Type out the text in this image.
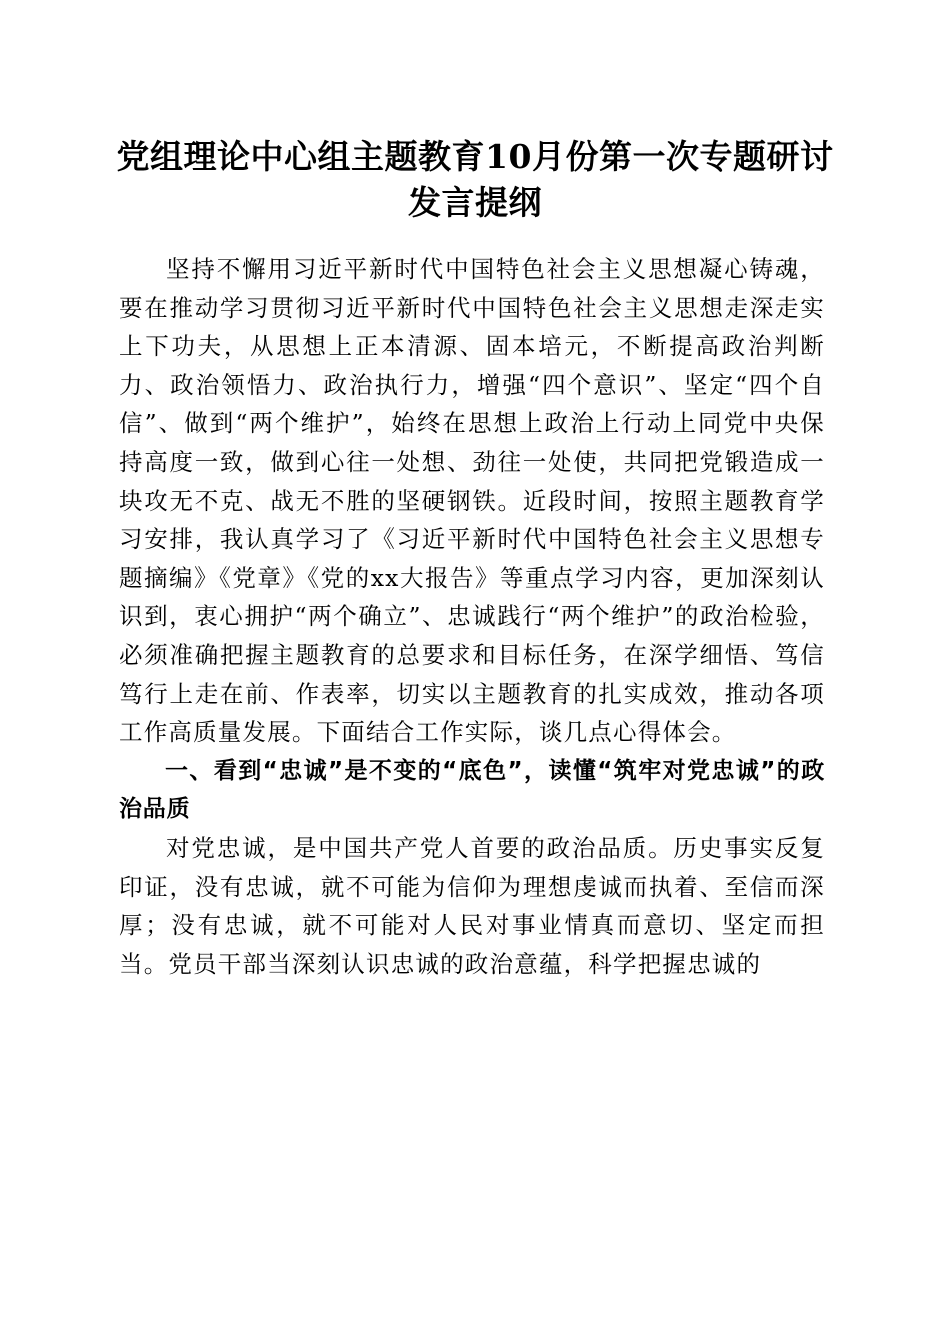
党组理论中心组主题教育10月份第一次专题研讨发言提纲

坚持不懈用习近平新时代中国特色社会主义思想凝心铸魂，要在推动学习贯彻习近平新时代中国特色社会主义思想走深走实上下功夫，从思想上正本清源、固本培元，不断提高政治判断力、政治领悟力、政治执行力，增强“四个意识”、坚定“四个自信”、做到“两个维护”，始终在思想上政治上行动上同党中央保持高度一致，做到心往一处想、劲往一处使，共同把党锻造成一块攻无不克、战无不胜的坚硬钢铁。近段时间，按照主题教育学习安排，我认真学习了《习近平新时代中国特色社会主义思想专题摘编》《党章》《党的xx大报告》等重点学习内容，更加深刻认识到，衷心拥护“两个确立”、忠诚践行“两个维护”的政治检验，必须准确把握主题教育的总要求和目标任务，在深学细悟、笃信笃行上走在前、作表率，切实以主题教育的扎实成效，推动各项工作高质量发展。下面结合工作实际，谈几点心得体会。

一、看到“忠诚”是不变的“底色”，读懂“筑牢对党忠诚”的政治品质

对党忠诚，是中国共产党人首要的政治品质。历史事实反复印证，没有忠诚，就不可能为信仰为理想虔诚而执着、至信而深厚；没有忠诚，就不可能对人民对事业情真而意切、坚定而担当。党员干部当深刻认识忠诚的政治意蕴，科学把握忠诚的
